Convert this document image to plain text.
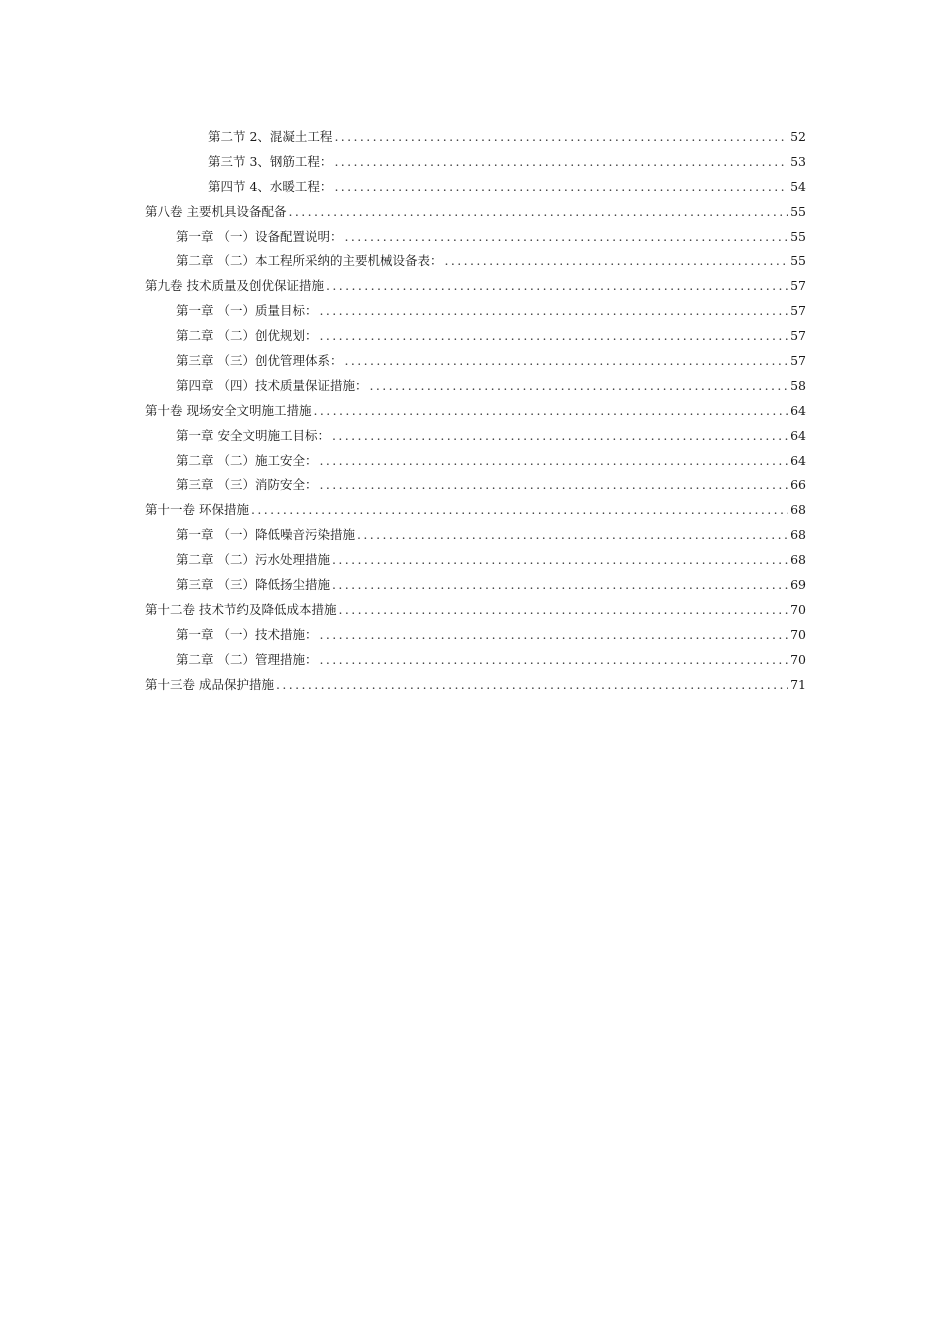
第二节 2、混凝土工程 .....	52
第三节 3、钢筋工程： .....	53
第四节 4、水暖工程： .....	54
第八卷 主要机具设备配备 .....	55
第一章 （一）设备配置说明： .....	55
第二章 （二）本工程所采纳的主要机械设备表： .....	55
第九卷 技术质量及创优保证措施 .....	57
第一章 （一）质量目标： .....	57
第二章 （二）创优规划： .....	57
第三章 （三）创优管理体系： .....	57
第四章 （四）技术质量保证措施： .....	58
第十卷 现场安全文明施工措施 .....	64
第一章 安全文明施工目标： .....	64
第二章 （二）施工安全： .....	64
第三章 （三）消防安全： .....	66
第十一卷 环保措施 .....	68
第一章 （一）降低噪音污染措施 .....	68
第二章 （二）污水处理措施 .....	68
第三章 （三）降低扬尘措施 .....	69
第十二卷 技术节约及降低成本措施 .....	70
第一章 （一）技术措施： .....	70
第二章 （二）管理措施： .....	70
第十三卷 成品保护措施 .....	71
